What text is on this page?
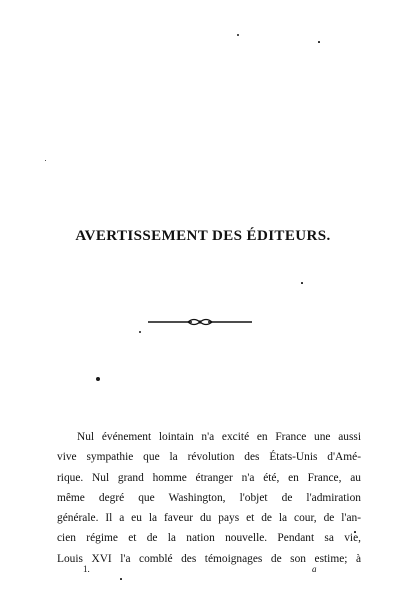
AVERTISSEMENT DES ÉDITEURS.

Nul événement lointain n'a excité en France une aussi
vive sympathie que la révolution des États-Unis d'Amé-
rique. Nul grand homme étranger n'a été, en France, au
même degré que Washington, l'objet de l'admiration
générale. Il a eu la faveur du pays et de la cour, de l'an-
cien régime et de la nation nouvelle. Pendant sa vie,
Louis XVI l'a comblé des témoignages de son estime; à

1.	a
